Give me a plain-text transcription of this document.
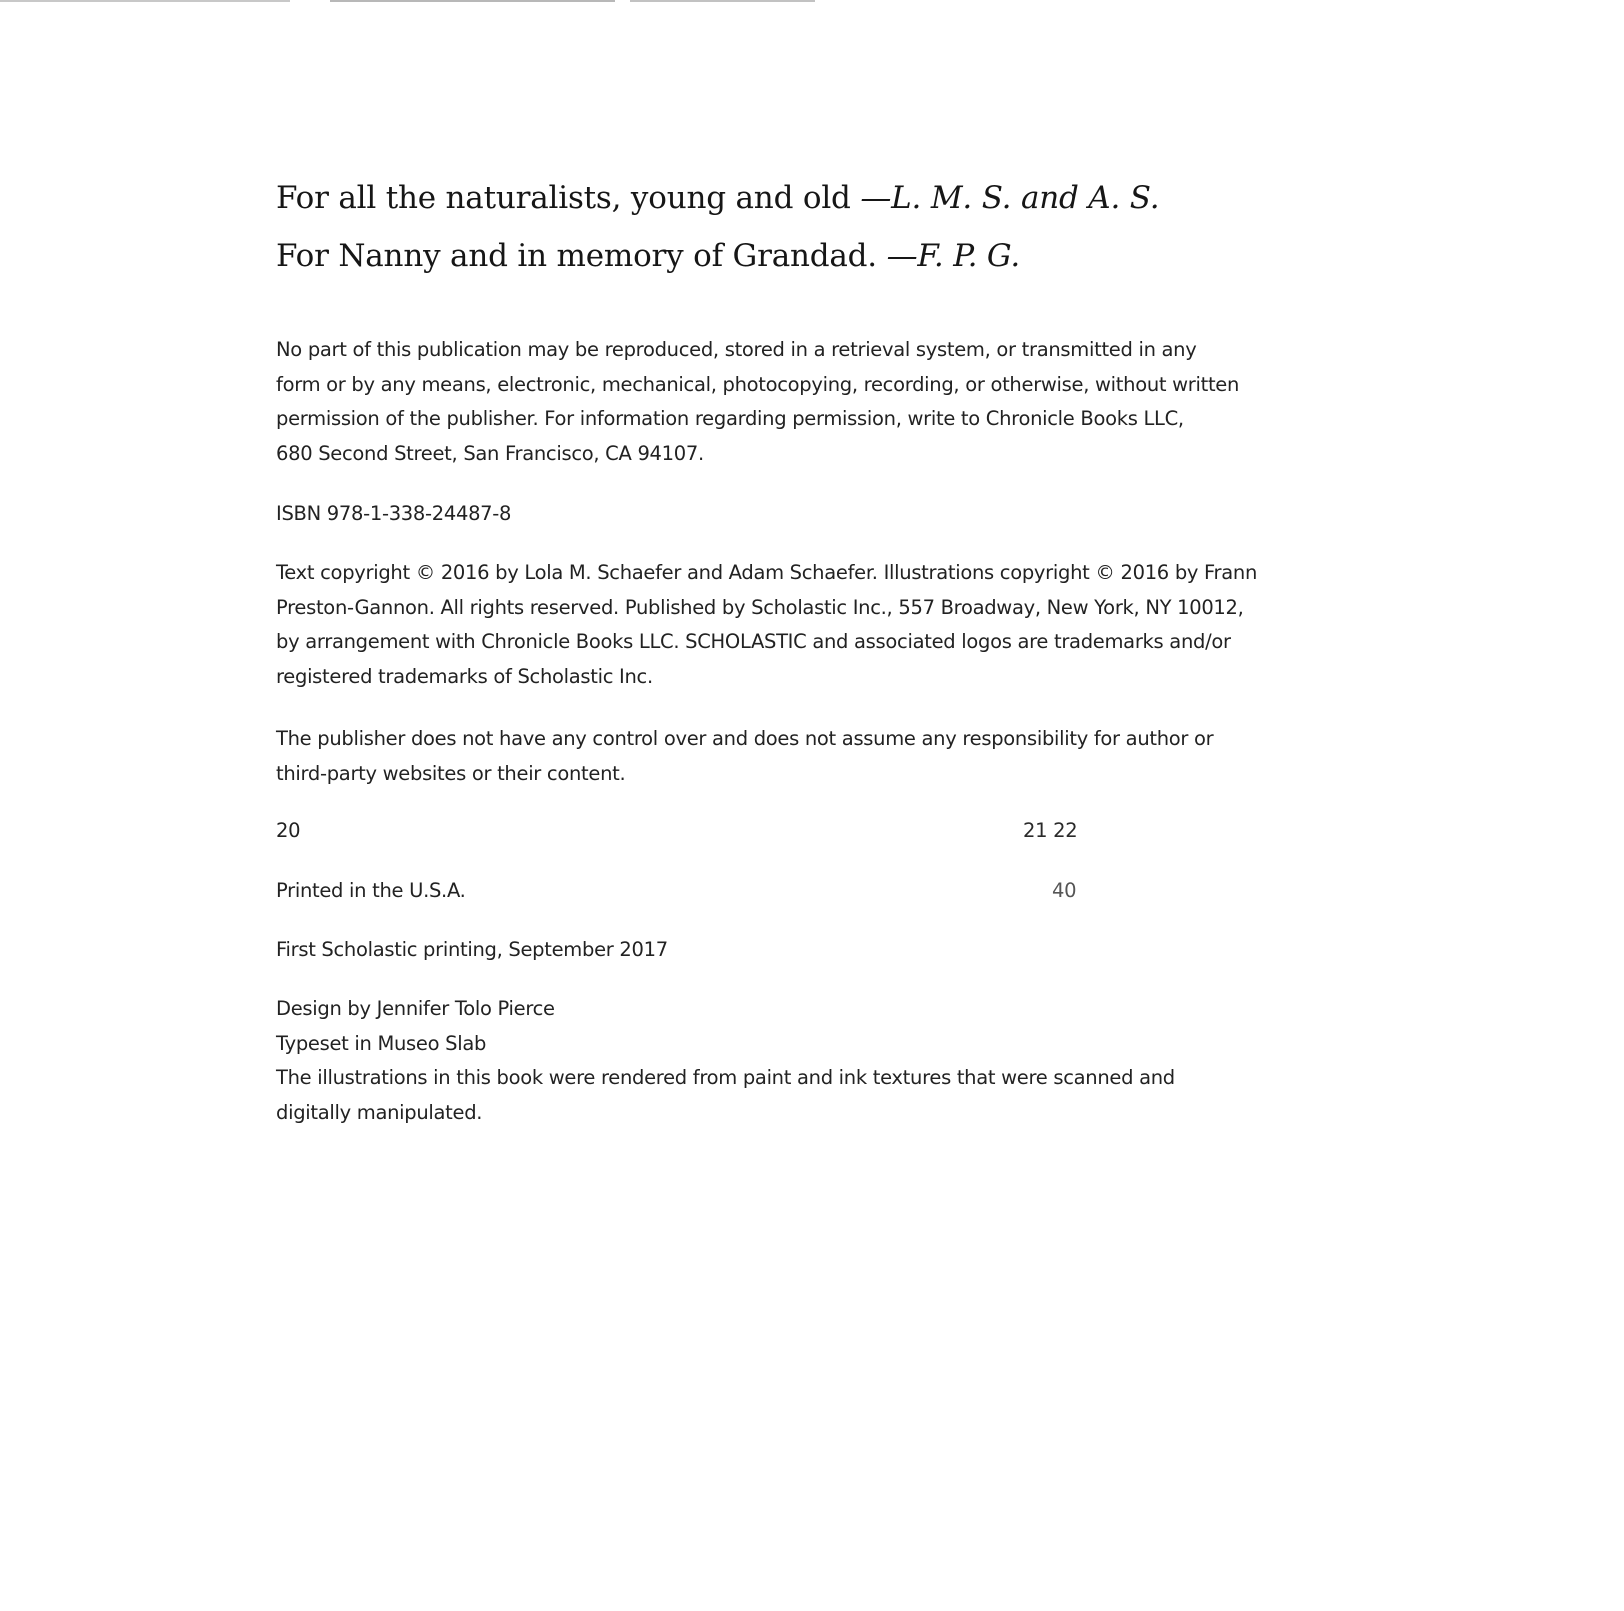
For all the naturalists, young and old —L. M. S. and A. S.
For Nanny and in memory of Grandad. —F. P. G.
No part of this publication may be reproduced, stored in a retrieval system, or transmitted in any
form or by any means, electronic, mechanical, photocopying, recording, or otherwise, without written
permission of the publisher. For information regarding permission, write to Chronicle Books LLC,
680 Second Street, San Francisco, CA 94107.
ISBN 978-1-338-24487-8
Text copyright © 2016 by Lola M. Schaefer and Adam Schaefer. Illustrations copyright © 2016 by Frann
Preston-Gannon. All rights reserved. Published by Scholastic Inc., 557 Broadway, New York, NY 10012,
by arrangement with Chronicle Books LLC. SCHOLASTIC and associated logos are trademarks and/or
registered trademarks of Scholastic Inc.
The publisher does not have any control over and does not assume any responsibility for author or
third-party websites or their content.
20	21 22
Printed in the U.S.A.	40
First Scholastic printing, September 2017
Design by Jennifer Tolo Pierce
Typeset in Museo Slab
The illustrations in this book were rendered from paint and ink textures that were scanned and
digitally manipulated.
